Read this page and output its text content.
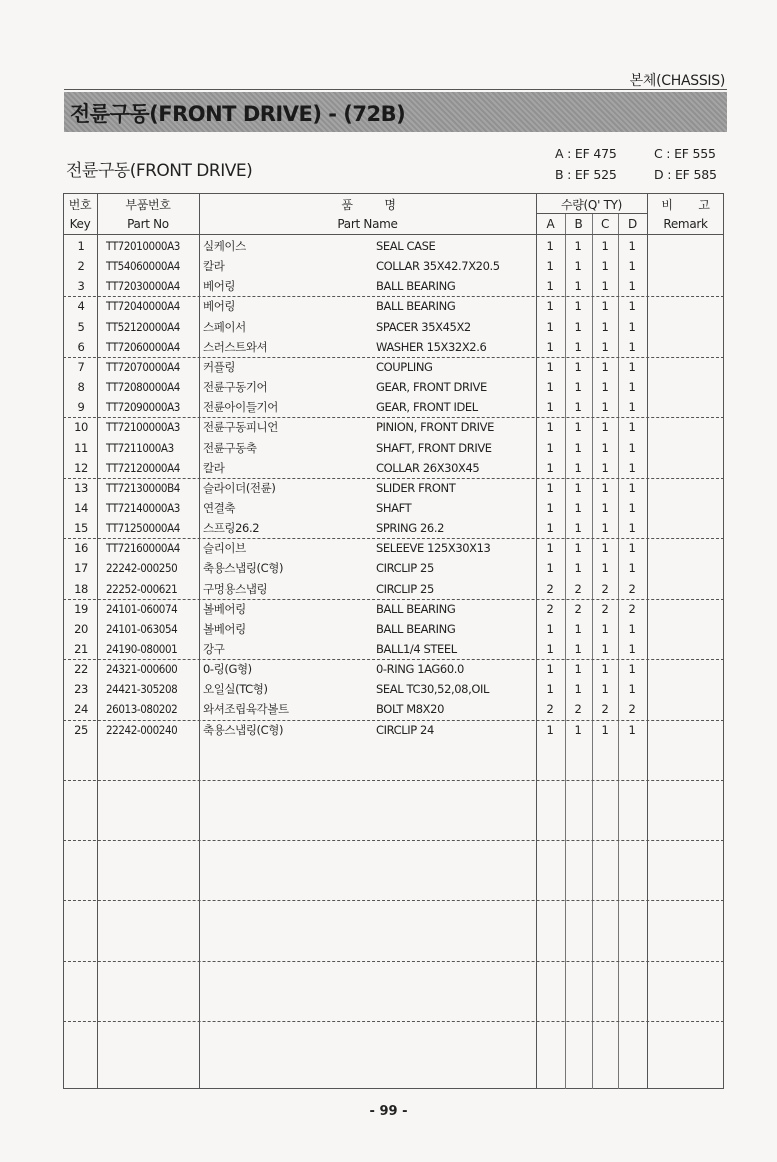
본체(CHASSIS)
전륜구동(FRONT DRIVE) - (72B)
전륜구동(FRONT DRIVE)
A : EF 475
B : EF 525
C : EF 555
D : EF 585
번호
Key
부품번호
Part No
품	명
Part Name
수량(Q' TY)
A	B	C	D
비	고
Remark
1	TT72010000A3 실케이스	SEAL CASE	1	1	1	1
2	TT54060000A4 칼라	COLLAR 35X42.7X20.5	1	1	1	1
3	TT72030000A4 베어링	BALL BEARING	1	1	1	1
4	TT72040000A4 베어링	BALL BEARING	1	1	1	1
5	TT52120000A4 스페이서	SPACER 35X45X2	1	1	1	1
6	TT72060000A4 스러스트와셔	WASHER 15X32X2.6	1	1	1	1
7	TT72070000A4 커플링	COUPLING	1	1	1	1
8	TT72080000A4 전륜구동기어	GEAR, FRONT DRIVE	1	1	1	1
9	TT72090000A3 전륜아이들기어	GEAR, FRONT IDEL	1	1	1	1
10	TT72100000A3 전륜구동피니언	PINION, FRONT DRIVE	1	1	1	1
11	TT7211000A3	전륜구동축	SHAFT, FRONT DRIVE	1	1	1	1
12	TT72120000A4 칼라	COLLAR 26X30X45	1	1	1	1
13	TT72130000B4 슬라이더(전륜)	SLIDER FRONT	1	1	1	1
14	TT72140000A3 연결축	SHAFT	1	1	1	1
15	TT71250000A4 스프링26.2	SPRING 26.2	1	1	1	1
16	TT72160000A4 슬리이브	SELEEVE 125X30X13	1	1	1	1
17	22242-000250 축용스냅링(C형)	CIRCLIP 25	1	1	1	1
18	22252-000621 구멍용스냅링	CIRCLIP 25	2	2	2	2
19	24101-060074 볼베어링	BALL BEARING	2	2	2	2
20	24101-063054 볼베어링	BALL BEARING	1	1	1	1
21	24190-080001 강구	BALL1/4 STEEL	1	1	1	1
22	24321-000600 0-링(G형)	0-RING 1AG60.0	1	1	1	1
23	24421-305208 오일실(TC형)	SEAL TC30,52,08,OIL	1	1	1	1
24	26013-080202 와셔조립육각볼트	BOLT M8X20	2	2	2	2
25	22242-000240 축용스냅링(C형)	CIRCLIP 24	1	1	1	1
- 99 -
